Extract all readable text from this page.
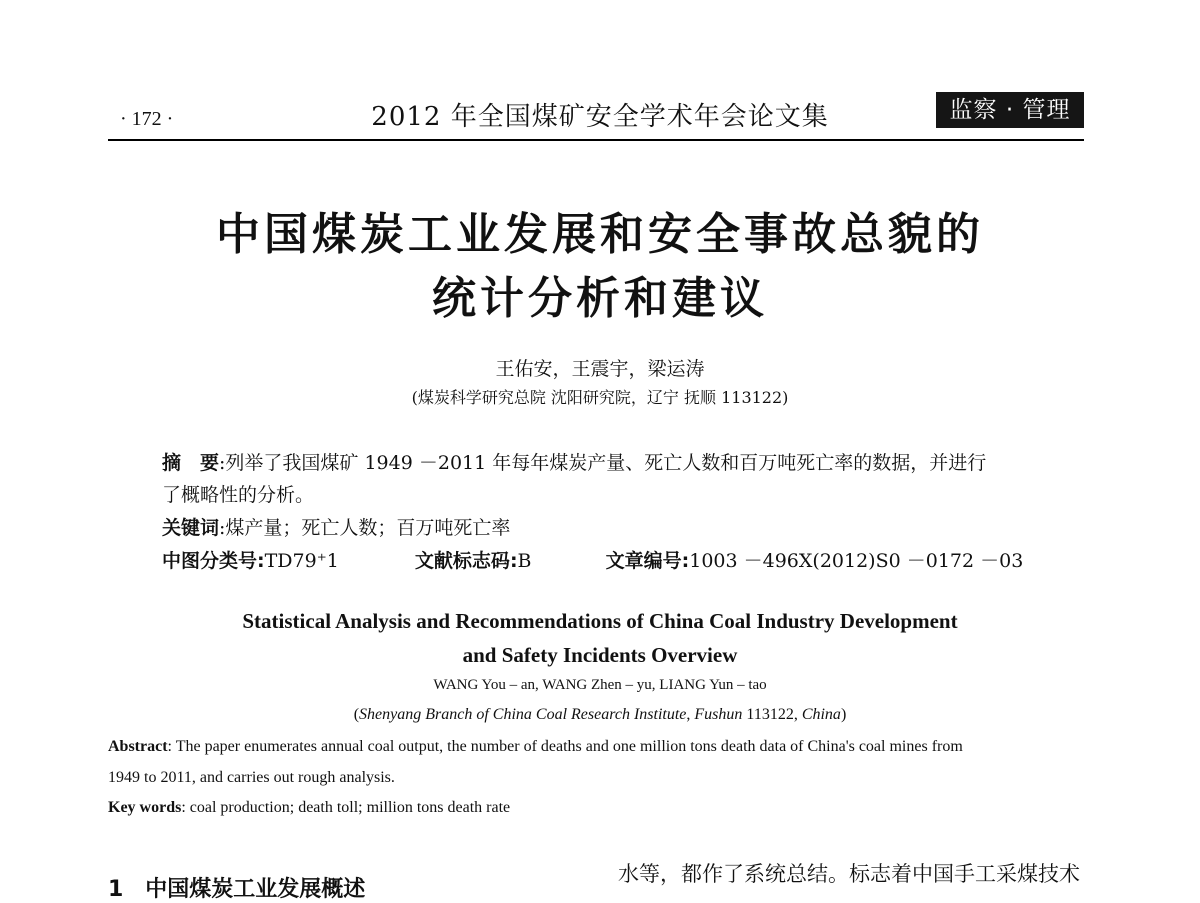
· 172 ·	2012 年全国煤矿安全学术年会论文集	监察 · 管理
中国煤炭工业发展和安全事故总貌的
统计分析和建议
王佑安，王震宇，梁运涛
(煤炭科学研究总院 沈阳研究院，辽宁 抚顺 113122)
摘　要:列举了我国煤矿 1949 －2011 年每年煤炭产量、死亡人数和百万吨死亡率的数据，并进行
了概略性的分析。
关键词:煤产量；死亡人数；百万吨死亡率
中图分类号:TD79⁺1	文献标志码:B	文章编号:1003 －496X(2012)S0 －0172 －03
Statistical Analysis and Recommendations of China Coal Industry Development
and Safety Incidents Overview
WANG You – an, WANG Zhen – yu, LIANG Yun – tao
(Shenyang Branch of China Coal Research Institute, Fushun 113122, China)
Abstract: The paper enumerates annual coal output, the number of deaths and one million tons death data of China's coal mines from
1949 to 2011, and carries out rough analysis.
Key words: coal production; death toll; million tons death rate
水等，都作了系统总结。标志着中国手工采煤技术
1　中国煤炭工业发展概述
